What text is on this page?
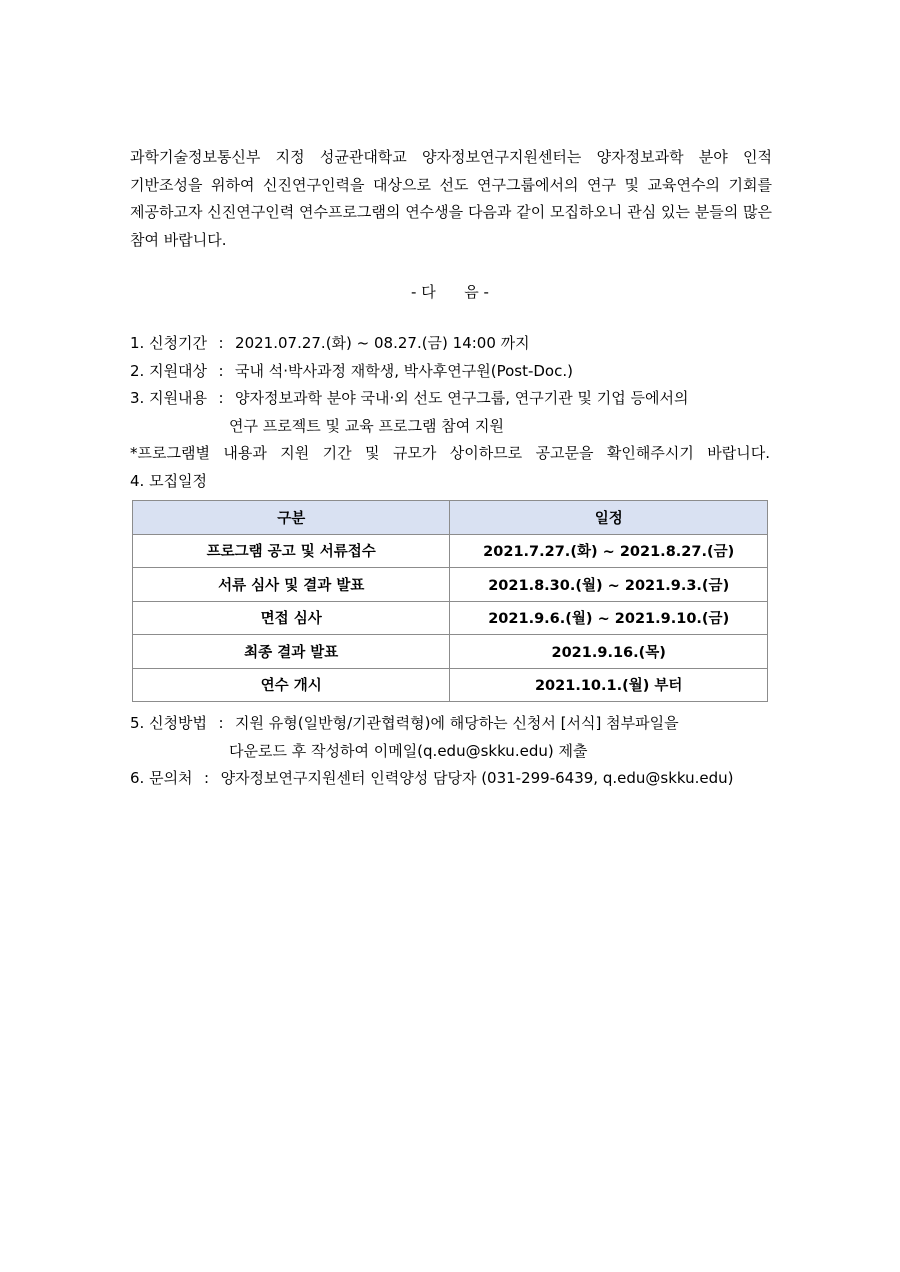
과학기술정보통신부 지정 성균관대학교 양자정보연구지원센터는 양자정보과학 분야 인적 기반조성을 위하여 신진연구인력을 대상으로 선도 연구그룹에서의 연구 및 교육연수의 기회를 제공하고자 신진연구인력 연수프로그램의 연수생을 다음과 같이 모집하오니 관심 있는 분들의 많은 참여 바랍니다.
- 다      음 -
1. 신청기간 : 2021.07.27.(화) ~ 08.27.(금) 14:00 까지
2. 지원대상 : 국내 석·박사과정 재학생, 박사후연구원(Post-Doc.)
3. 지원내용 : 양자정보과학 분야 국내·외 선도 연구그룹, 연구기관 및 기업 등에서의
연구 프로젝트 및 교육 프로그램 참여 지원
*프로그램별 내용과 지원 기간 및 규모가 상이하므로 공고문을 확인해주시기 바랍니다.
4. 모집일정
구분	일정
프로그램 공고 및 서류접수	2021.7.27.(화) ~ 2021.8.27.(금)
서류 심사 및 결과 발표	2021.8.30.(월) ~ 2021.9.3.(금)
면접 심사	2021.9.6.(월) ~ 2021.9.10.(금)
최종 결과 발표	2021.9.16.(목)
연수 개시	2021.10.1.(월) 부터
5. 신청방법 : 지원 유형(일반형/기관협력형)에 해당하는 신청서 [서식] 첨부파일을
다운로드 후 작성하여 이메일(q.edu@skku.edu) 제출
6. 문의처 : 양자정보연구지원센터 인력양성 담당자 (031-299-6439, q.edu@skku.edu)
